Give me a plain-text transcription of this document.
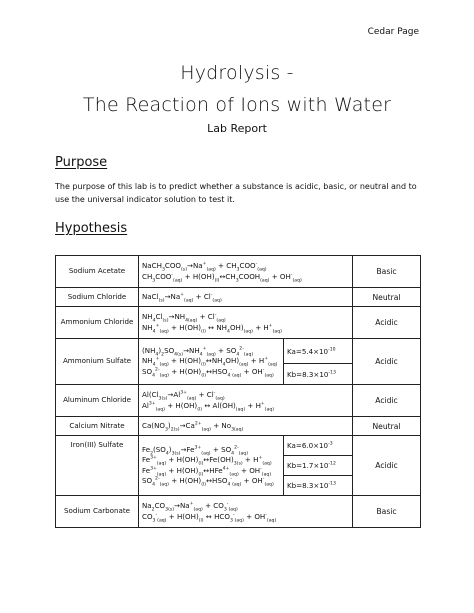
Cedar Page
Hydrolysis -
The Reaction of Ions with Water
Lab Report
Purpose
The purpose of this lab is to predict whether a substance is acidic, basic, or neutral and to use the universal indicator solution to test it.
Hypothesis
Sodium Acetate	$NaCH_3COO_{(s)}\to Na^+_{(aq)} + CH_3COO^-_{(aq)}$
$CH_3COO^-_{(aq)}$ + $H(OH)_{(l)}\leftrightarrow CH_3COOH_{(aq)} + OH^-_{(aq)}$		Basic
Sodium Chloride	$NaCl_{(s)}\to Na^+_{(aq)} + Cl^-_{(aq)}$		Neutral
Ammonium Chloride	$NH_4Cl_{(s)}\to NH_{4(aq)} + Cl^-_{(aq)}$
$NH_4^+_{(aq)} + H(OH)_{(l)}$ ↔ $NH_4OH)_{(aq)} + H^+_{(aq)}$		Acidic
Ammonium Sulfate	$(NH_4)_2SO_{4(s)}\to NH_4^+_{(aq)} + SO_4^{2-}_{(aq)}$
$NH_4^+_{(aq)}$ + $H(OH)_{(l)}\leftrightarrow NH_4OH)_{(aq)} + H^+_{(aq)}$
$SO_4^{2-}_{(aq)}$ + $H(OH)_{(l)}\leftrightarrow HSO_4^-_{(aq)} + OH^-_{(aq)}$	$Ka=5.4\times 10^{-10}$	Acidic
		$Kb=8.3\times 10^{-13}$
Aluminum Chloride	$Al(Cl_{3(s)}\to Al^{3+}_{(aq)} + Cl^-_{(aq)}$
$Al^{3+}_{(aq)} + H(OH)_{(l)}$ ↔ $Al(OH)_{(aq)} + H^+_{(aq)}$		Acidic
Calcium Nitrate	$Ca(NO_3)_{2(s)}\to Ca^{2+}_{(aq)} + No_{3(aq)}$		Neutral
Iron(III) Sulfate	$Fe_2(SO_4)_{3(s)}\to Fe^{3+}_{(aq)} + SO_4^{2-}_{(aq)}$
$Fe^{3+}_{(aq)}$ + $H(OH)_{(l)}\leftrightarrow Fe(OH)_{3(s)} + H^+_{(aq)}$
$Fe^{3+}_{(aq)}$ + $H(OH)_{(l)}\leftrightarrow HFe^{4+}_{(aq)} + OH^-_{(aq)}$
$SO_4^{2-}_{(aq)}$ + $H(OH)_{(l)}\leftrightarrow HSO_4^-_{(aq)} + OH^-_{(aq)}$	$Ka=6.0\times 10^{-3}$	Acidic
		$Kb=1.7\times 10^{-12}$
		$Kb=8.3\times 10^{-13}$
Sodium Carbonate	$Na_2CO_{3(s)}\to Na^+_{(aq)} + CO_3^-_{(aq)}$
$CO_3^-_{(aq)} + H(OH)_{(l)}$ ↔ $HCO_3^-_{(aq)} + OH^-_{(aq)}$		Basic
